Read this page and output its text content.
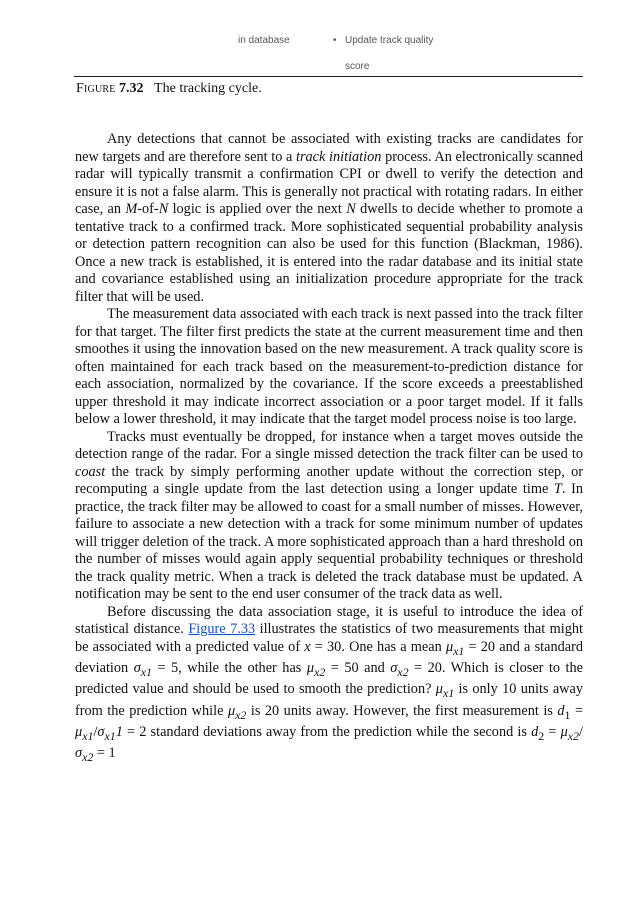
in database	• Update track quality
score
Figure 7.32 The tracking cycle.

Any detections that cannot be associated with existing tracks are candidates for new targets and are therefore sent to a track initiation process. An electronically scanned radar will typically transmit a confirmation CPI or dwell to verify the detection and ensure it is not a false alarm. This is generally not practical with rotating radars. In either case, an M-of-N logic is applied over the next N dwells to decide whether to promote a tentative track to a confirmed track. More sophisticated sequential probability analysis or detection pattern recognition can also be used for this function (Blackman, 1986). Once a new track is established, it is entered into the radar database and its initial state and covariance established using an initialization procedure appropriate for the track filter that will be used.

The measurement data associated with each track is next passed into the track filter for that target. The filter first predicts the state at the current measurement time and then smoothes it using the innovation based on the new measurement. A track quality score is often maintained for each track based on the measurement-to-prediction distance for each association, normalized by the covariance. If the score exceeds a preestablished upper threshold it may indicate incorrect association or a poor target model. If it falls below a lower threshold, it may indicate that the target model process noise is too large.

Tracks must eventually be dropped, for instance when a target moves outside the detection range of the radar. For a single missed detection the track filter can be used to coast the track by simply performing another update without the correction step, or recomputing a single update from the last detection using a longer update time T. In practice, the track filter may be allowed to coast for a small number of misses. However, failure to associate a new detection with a track for some minimum number of updates will trigger deletion of the track. A more sophisticated approach than a hard threshold on the number of misses would again apply sequential probability techniques or threshold the track quality metric. When a track is deleted the track database must be updated. A notification may be sent to the end user consumer of the track data as well.

Before discussing the data association stage, it is useful to introduce the idea of statistical distance. Figure 7.33 illustrates the statistics of two measurements that might be associated with a predicted value of x = 30. One has a mean $\mu_{x1} = 20$ and a standard deviation $\sigma_{x1} = 5$, while the other has $\mu_{x2} = 50$ and $\sigma_{x2} = 20$. Which is closer to the predicted value and should be used to smooth the prediction? $\mu_{x1}$ is only 10 units away from the prediction while $\mu_{x2}$ is 20 units away. However, the first measurement is $d_1 = \mu_{x1}/\sigma_{x1}1 = 2$ standard deviations away from the prediction while the second is $d_2 = \mu_{x2}/\sigma_{x2} = 1$
